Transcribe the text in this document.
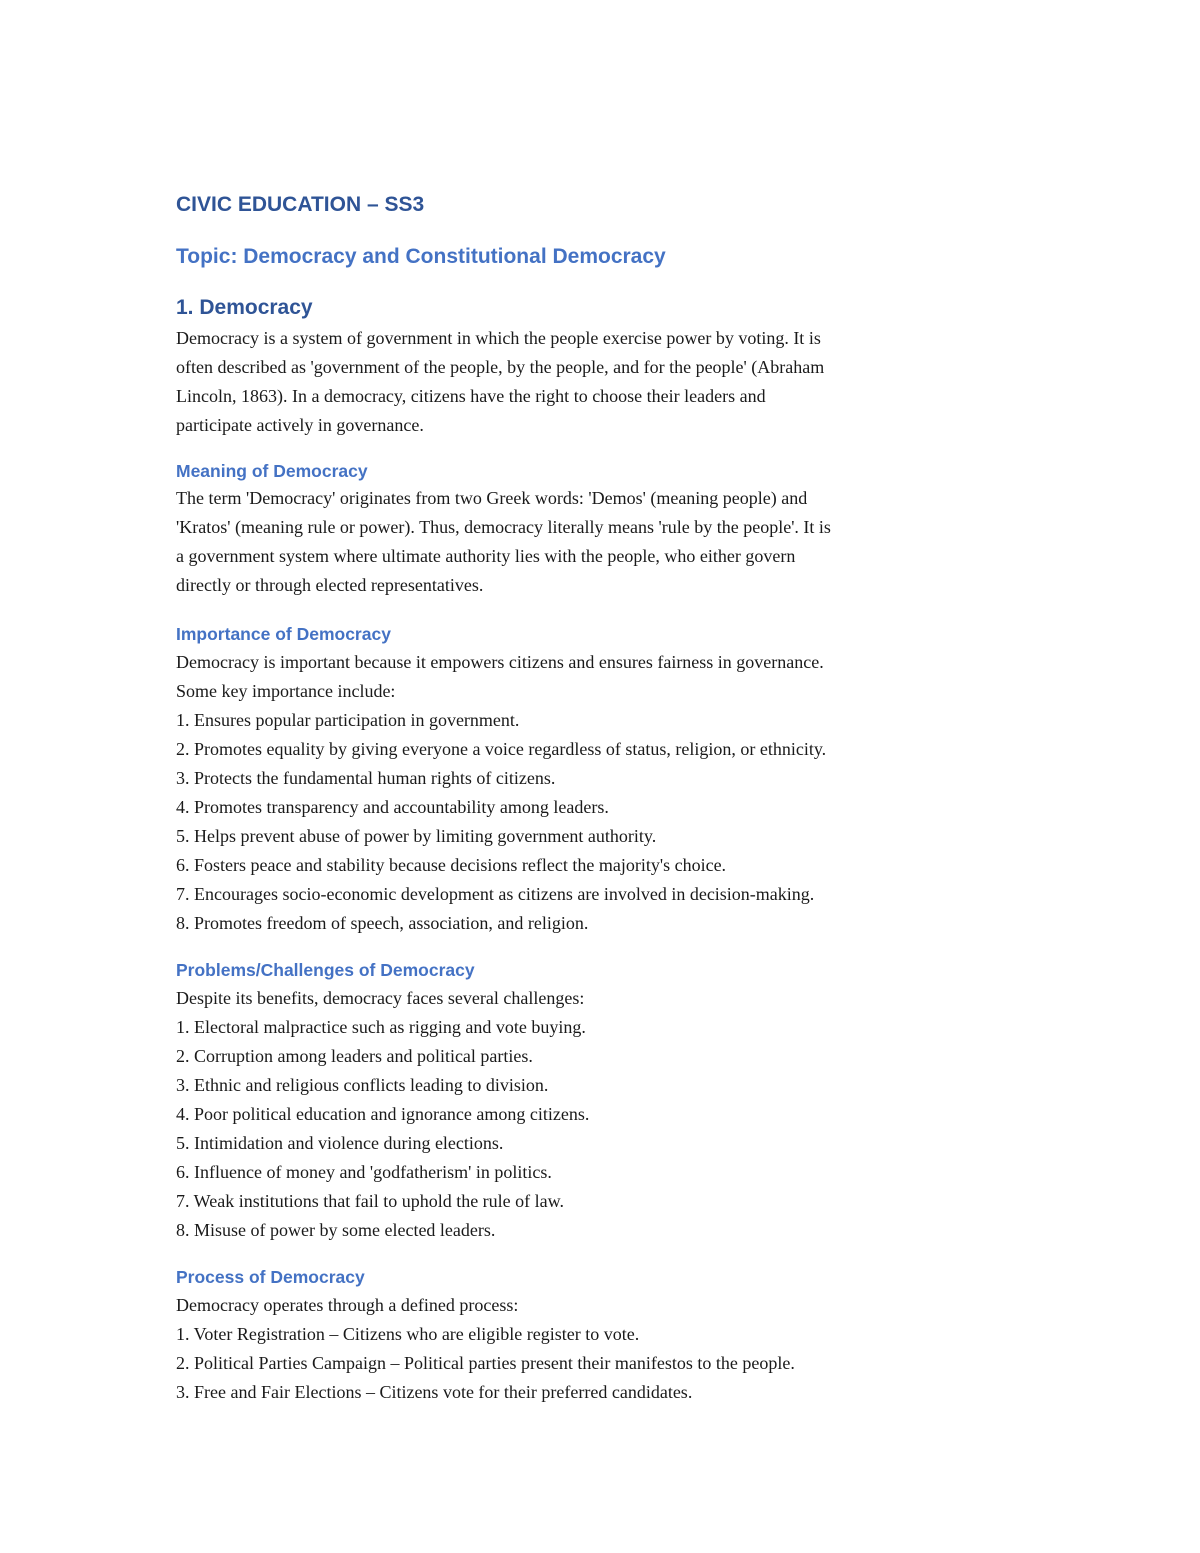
CIVIC EDUCATION – SS3
Topic: Democracy and Constitutional Democracy
1. Democracy
Democracy is a system of government in which the people exercise power by voting. It is
often described as 'government of the people, by the people, and for the people' (Abraham
Lincoln, 1863). In a democracy, citizens have the right to choose their leaders and
participate actively in governance.
Meaning of Democracy
The term 'Democracy' originates from two Greek words: 'Demos' (meaning people) and
'Kratos' (meaning rule or power). Thus, democracy literally means 'rule by the people'. It is
a government system where ultimate authority lies with the people, who either govern
directly or through elected representatives.
Importance of Democracy
Democracy is important because it empowers citizens and ensures fairness in governance.
Some key importance include:
1. Ensures popular participation in government.
2. Promotes equality by giving everyone a voice regardless of status, religion, or ethnicity.
3. Protects the fundamental human rights of citizens.
4. Promotes transparency and accountability among leaders.
5. Helps prevent abuse of power by limiting government authority.
6. Fosters peace and stability because decisions reflect the majority's choice.
7. Encourages socio-economic development as citizens are involved in decision-making.
8. Promotes freedom of speech, association, and religion.
Problems/Challenges of Democracy
Despite its benefits, democracy faces several challenges:
1. Electoral malpractice such as rigging and vote buying.
2. Corruption among leaders and political parties.
3. Ethnic and religious conflicts leading to division.
4. Poor political education and ignorance among citizens.
5. Intimidation and violence during elections.
6. Influence of money and 'godfatherism' in politics.
7. Weak institutions that fail to uphold the rule of law.
8. Misuse of power by some elected leaders.
Process of Democracy
Democracy operates through a defined process:
1. Voter Registration – Citizens who are eligible register to vote.
2. Political Parties Campaign – Political parties present their manifestos to the people.
3. Free and Fair Elections – Citizens vote for their preferred candidates.
